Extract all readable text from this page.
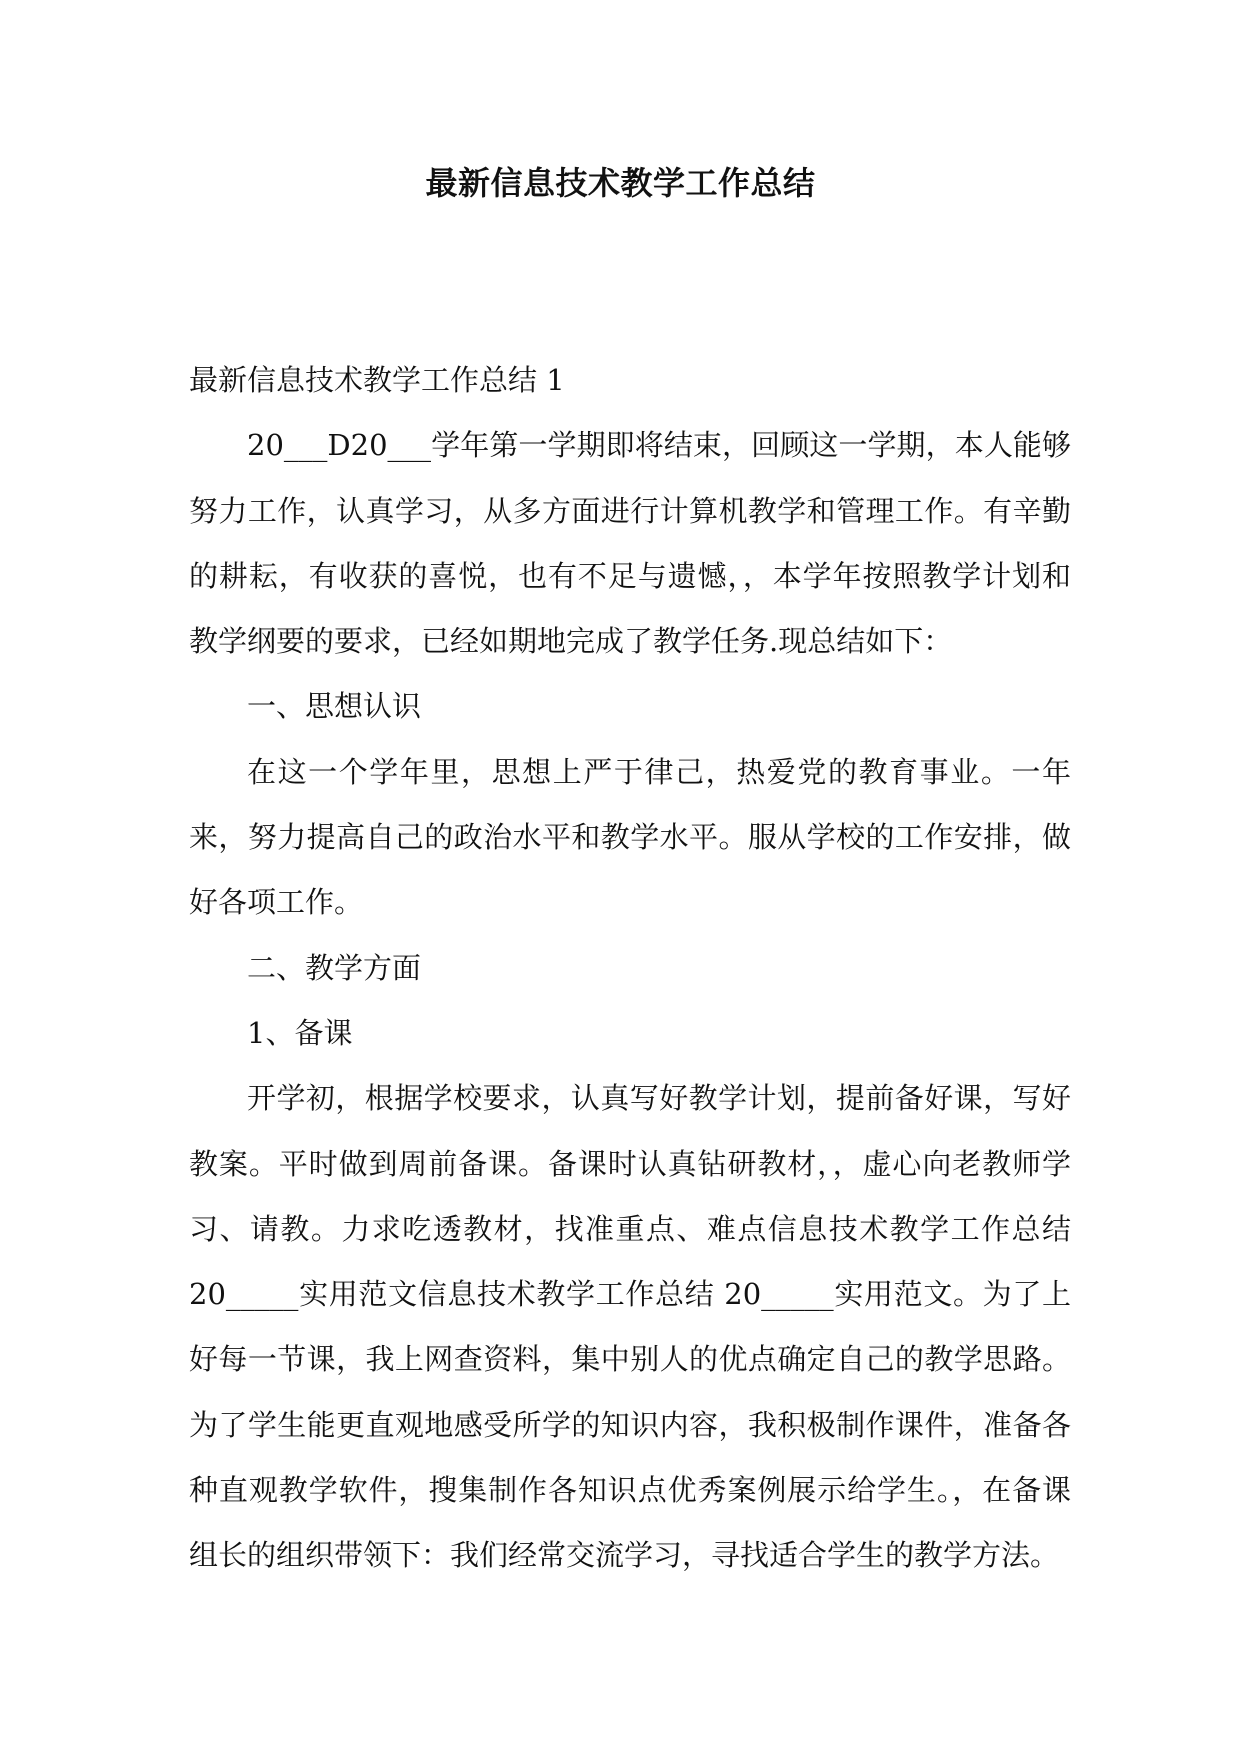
最新信息技术教学工作总结

最新信息技术教学工作总结 1

20___D20___学年第一学期即将结束，回顾这一学期，本人能够努力工作，认真学习，从多方面进行计算机教学和管理工作。有辛勤的耕耘，有收获的喜悦，也有不足与遗憾，，本学年按照教学计划和教学纲要的要求，已经如期地完成了教学任务.现总结如下：

一、思想认识

在这一个学年里，思想上严于律己，热爱党的教育事业。一年来，努力提高自己的政治水平和教学水平。服从学校的工作安排，做好各项工作。

二、教学方面

1、备课

开学初，根据学校要求，认真写好教学计划，提前备好课，写好教案。平时做到周前备课。备课时认真钻研教材，，虚心向老教师学习、请教。力求吃透教材，找准重点、难点信息技术教学工作总结20_____实用范文信息技术教学工作总结 20_____实用范文。为了上好每一节课，我上网查资料，集中别人的优点确定自己的教学思路。为了学生能更直观地感受所学的知识内容，我积极制作课件，准备各种直观教学软件，搜集制作各知识点优秀案例展示给学生。，在备课组长的组织带领下：我们经常交流学习，寻找适合学生的教学方法。
